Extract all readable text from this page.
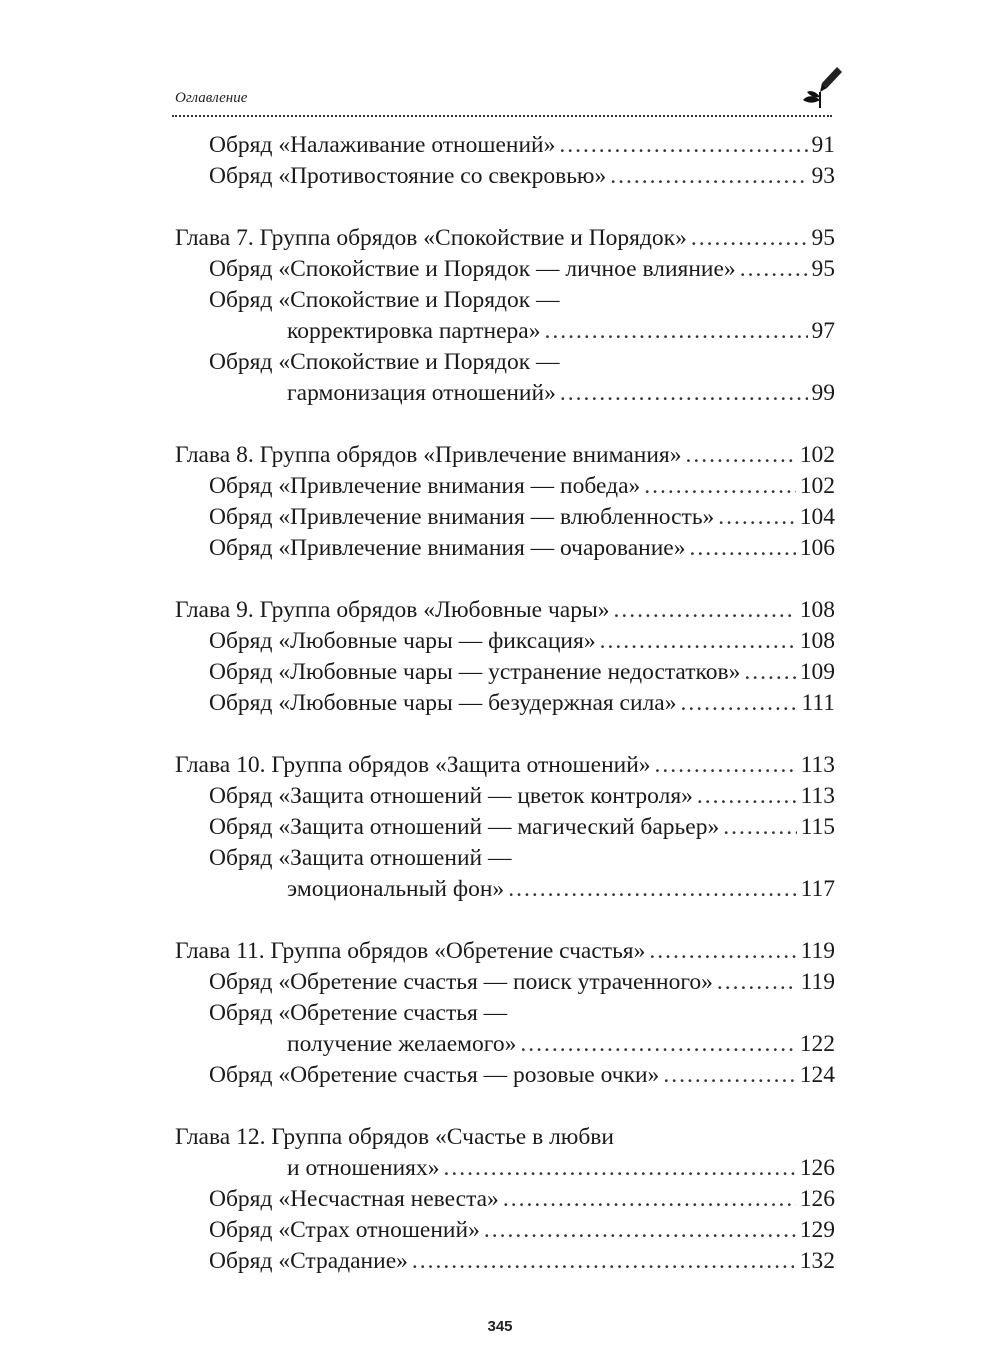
Оглавление
Обряд «Налаживание отношений» .....	91
Обряд «Противостояние со свекровью» .....	93
Глава 7. Группа обрядов «Спокойствие и Порядок» .....	95
Обряд «Спокойствие и Порядок — личное влияние» .....	95
Обряд «Спокойствие и Порядок —
корректировка партнера» .....	97
Обряд «Спокойствие и Порядок —
гармонизация отношений» .....	99
Глава 8. Группа обрядов «Привлечение внимания» .....	102
Обряд «Привлечение внимания — победа» .....	102
Обряд «Привлечение внимания — влюбленность» .....	104
Обряд «Привлечение внимания — очарование» .....	106
Глава 9. Группа обрядов «Любовные чары» .....	108
Обряд «Любовные чары — фиксация» .....	108
Обряд «Любовные чары — устранение недостатков» .....	109
Обряд «Любовные чары — безудержная сила» .....	111
Глава 10. Группа обрядов «Защита отношений» .....	113
Обряд «Защита отношений — цветок контроля» .....	113
Обряд «Защита отношений — магический барьер» .....	115
Обряд «Защита отношений —
эмоциональный фон» .....	117
Глава 11. Группа обрядов «Обретение счастья» .....	119
Обряд «Обретение счастья — поиск утраченного» .....	119
Обряд «Обретение счастья —
получение желаемого» .....	122
Обряд «Обретение счастья — розовые очки» .....	124
Глава 12. Группа обрядов «Счастье в любви
и отношениях» .....	126
Обряд «Несчастная невеста» .....	126
Обряд «Страх отношений» .....	129
Обряд «Страдание» .....	132
345
